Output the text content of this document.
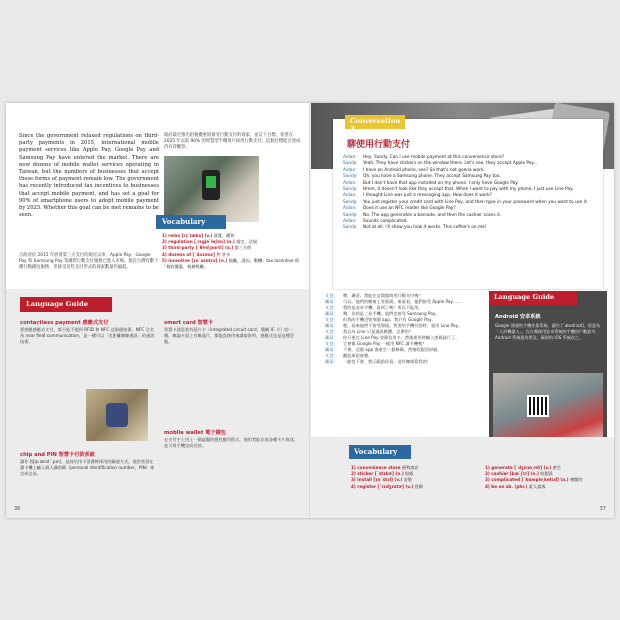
Since the government relaxed regulations on third-party payments in 2015, international mobile payment services like Apple Pay, Google Pay and Samsung Pay have entered the market. There are now dozens of mobile wallet services operating in Taiwan, but the numbers of businesses that accept these forms of payment remain low. The government has recently introduced tax incentives to businesses that accept mobile payment, and has set a goal for 90% of smartphone users to adopt mobile payment by 2025. Whether this goal can be met remains to be seen.
自政府於 2015 年放寬第三方支付的規定以來，Apple Pay、Google Pay 和 Samsung Pay 等國際行動支付服務已進入市場。現在台灣有數十種行動錢包服務，但接受這些支付形式的商家數量仍偏低。
政府最近推出租稅優惠給接受行動支付的商家，並訂下目標，希望在 2025 年以前 90% 的智慧型手機用戶採用行動支付。這個目標能否達成仍有待觀察。
Vocabulary
1) relax [rɪˋlæks] (v.) 放寬，緩和
2) regulation [͵rɛgjəˋleʃən] (n.) 規定，法規
3) third-party [ˋθɝd͵pɑrti] (a.) 第三方的
4) dozens of [ˋdʌzənz] 片 許多
5) incentive [ɪnˋsɛntɪv] (n.) 鼓勵，誘因，動機；tax incentive 即「稅收優惠，稅務獎勵」
Language Guide
contactless payment 感應式支付
要感應感應式支付，都不能不提到 RFID 和 NFC 這兩個技術。NFC 全名為 near field communication，是一種可以「近距離無線通訊」的通訊技術。
smart card 智慧卡
智慧卡就是裝有晶片卡（integrated circuit card，簡稱 IC 卡）的一種。無論卡面上有無晶片，都能直接用來讀取資料，感應式也是這種型態。
chip and PIN 智慧卡付款系統
讀作 [tʃɪp ænd ˋpɪn]，是持信用卡消費時採用的驗證方式，使用者須在讀卡機上輸入個人識別碼（personal identification number，PIN）來完成交易。
mobile wallet 電子錢包
在支付手上用上一個虛擬的錢包應用程式，使用者能存放各種卡片資訊，並可用手機完成付款。
36
Conversation 3
聊使用行動支付
Aidan:	Hey, Sandy. Can I use mobile payment at this convenience store?
Sandy:	Yeah. They have stickers on the window there. Let's see, they accept Apple Pay...
Aidan:	I have an Android phone, see? So that's not gonna work.
Sandy:	Oh, you have a Samsung phone. They accept Samsung Pay too.
Aidan:	But I don't have that app installed on my phone. I only have Google Pay.
Sandy:	Hmm, it doesn't look like they accept that. When I want to pay with my phone, I just use Line Pay.
Aidan:	I thought Line was just a messaging app. How does it work?
Sandy:	You just register your credit card with Line Pay, and then type in your password when you want to use it.
Aidan:	Does it use an NFC reader like Google Pay?
Sandy:	No. The app generates a barcode, and then the cashier scans it.
Aidan:	Sounds complicated.
Sandy:	Not at all. I'll show you how it works. This coffee's on me!
艾登：	嘿，珊蒂。我能在這間超商用行動支付嗎？
珊蒂：	可以，他們的櫥窗上有貼紙。來看看，他們接受 Apple Pay……
艾登：	我的是安卓手機，看到了嗎？所以不能用。
珊蒂：	噢，你的是三星手機。他們也接受 Samsung Pay。
艾登：	但我的手機沒裝那個 app。我只有 Google Pay。
珊蒂：	嗯，看來他們不接受那個。我要用手機付款時，就用 Line Pay。
艾登：	我以為 Line 只是通訊軟體。怎麼用？
珊蒂：	你只要在 Line Pay 登錄信用卡，然後要用時輸入密碼就行了。
艾登：	它會像 Google Pay 一樣用 NFC 讀卡機嗎？
珊蒂：	不會。這個 app 會產生一個條碼，然後收銀員掃描。
艾登：	聽起來很複雜。
珊蒂：	一點也不會。我示範給你看。這杯咖啡算我的！
Language Guide
Android 安卓系統
Google 開發的手機作業系統，讀作 [ˋændrɔɪd]，原意為「人形機器人」。在台灣使用安卓系統的手機用戶數最多，Android 系統最為普及，蘋果的 iOS 系統次之。
Vocabulary
1) convenience store 便利商店
2) sticker [ˋstɪkɚ] (n.) 貼紙
3) install [ɪnˋstɔl] (v.) 安裝
4) register [ˋrɛdʒɪstɚ] (v.) 登錄
1) generate [ˋdʒɛnə͵ret] (v.) 產生
2) cashier [kæˋʃɪr] (n.) 收銀員
3) complicated [ˋkɑmplə͵ketɪd] (a.) 複雜的
4) be on sb. (phr.) 某人請客
37
